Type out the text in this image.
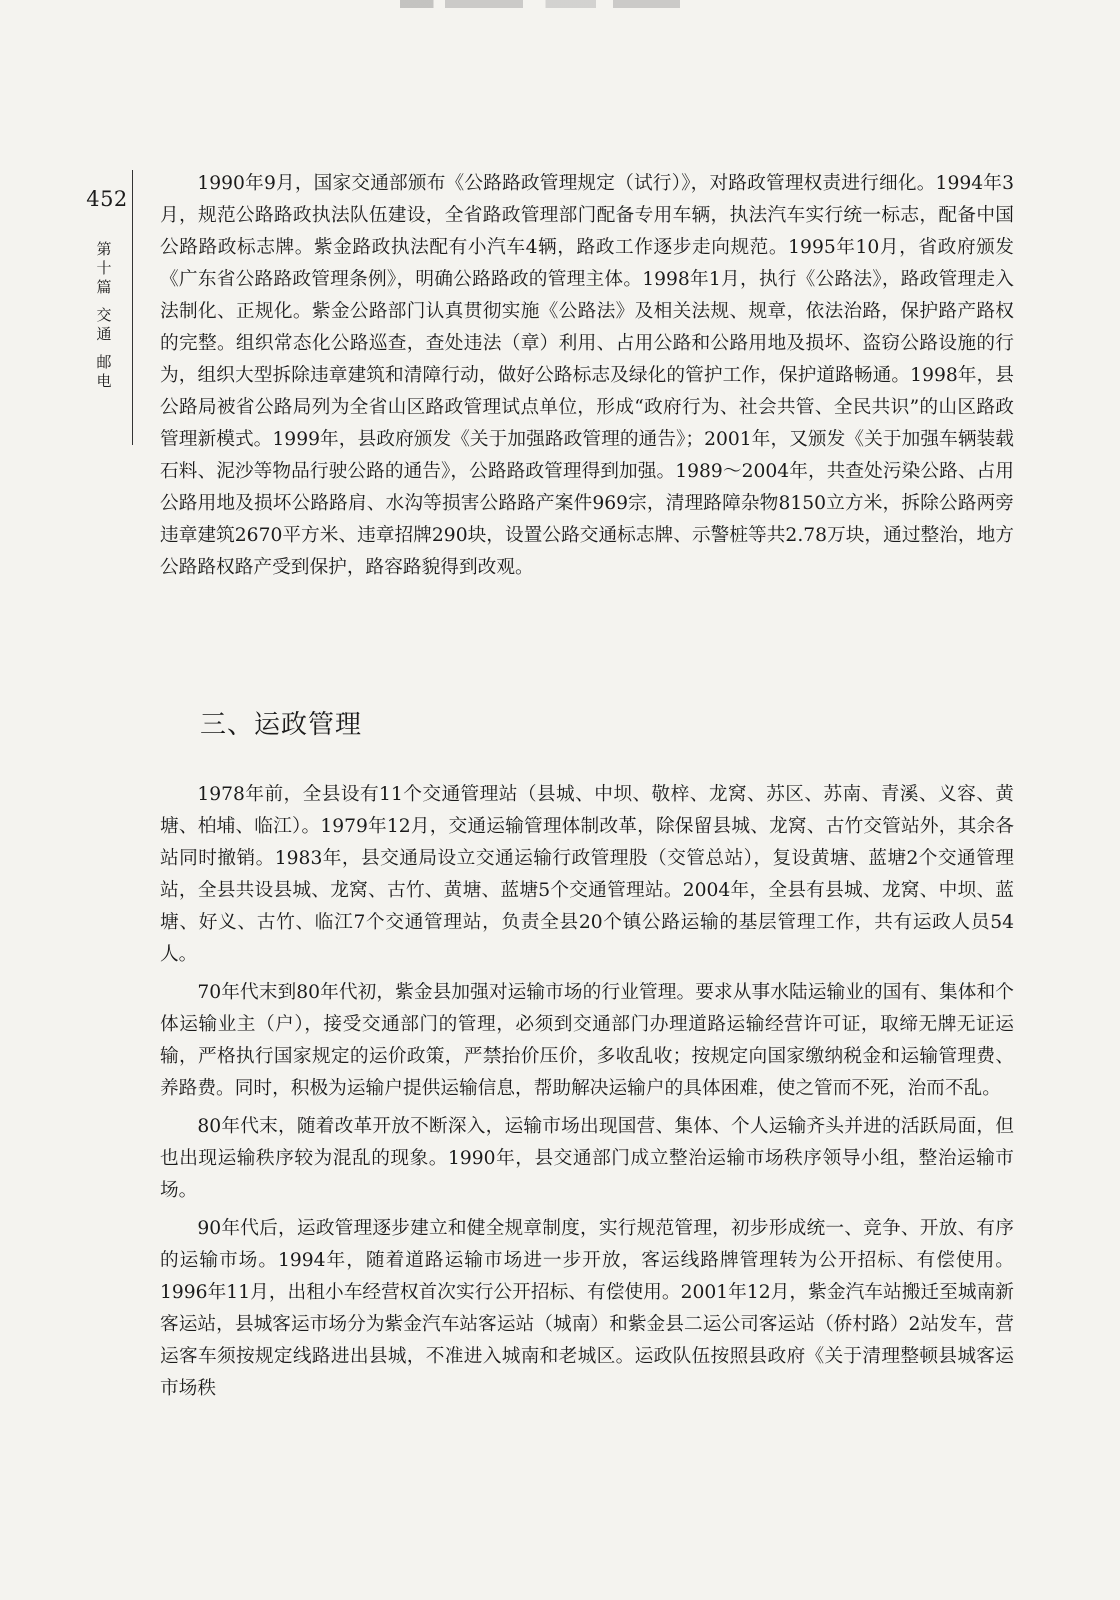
452
第
十
篇
交
通
邮
电

1990年9月，国家交通部颁布《公路路政管理规定（试行）》，对路政管理权责进行细化。1994年3月，规范公路路政执法队伍建设，全省路政管理部门配备专用车辆，执法汽车实行统一标志，配备中国公路路政标志牌。紫金路政执法配有小汽车4辆，路政工作逐步走向规范。1995年10月，省政府颁发《广东省公路路政管理条例》，明确公路路政的管理主体。1998年1月，执行《公路法》，路政管理走入法制化、正规化。紫金公路部门认真贯彻实施《公路法》及相关法规、规章，依法治路，保护路产路权的完整。组织常态化公路巡查，查处违法（章）利用、占用公路和公路用地及损坏、盗窃公路设施的行为，组织大型拆除违章建筑和清障行动，做好公路标志及绿化的管护工作，保护道路畅通。1998年，县公路局被省公路局列为全省山区路政管理试点单位，形成“政府行为、社会共管、全民共识”的山区路政管理新模式。1999年，县政府颁发《关于加强路政管理的通告》；2001年，又颁发《关于加强车辆装载石料、泥沙等物品行驶公路的通告》，公路路政管理得到加强。1989～2004年，共查处污染公路、占用公路用地及损坏公路路肩、水沟等损害公路路产案件969宗，清理路障杂物8150立方米，拆除公路两旁违章建筑2670平方米、违章招牌290块，设置公路交通标志牌、示警桩等共2.78万块，通过整治，地方公路路权路产受到保护，路容路貌得到改观。

三、运政管理

1978年前，全县设有11个交通管理站（县城、中坝、敬梓、龙窝、苏区、苏南、青溪、义容、黄塘、柏埔、临江）。1979年12月，交通运输管理体制改革，除保留县城、龙窝、古竹交管站外，其余各站同时撤销。1983年，县交通局设立交通运输行政管理股（交管总站），复设黄塘、蓝塘2个交通管理站，全县共设县城、龙窝、古竹、黄塘、蓝塘5个交通管理站。2004年，全县有县城、龙窝、中坝、蓝塘、好义、古竹、临江7个交通管理站，负责全县20个镇公路运输的基层管理工作，共有运政人员54人。

70年代末到80年代初，紫金县加强对运输市场的行业管理。要求从事水陆运输业的国有、集体和个体运输业主（户），接受交通部门的管理，必须到交通部门办理道路运输经营许可证，取缔无牌无证运输，严格执行国家规定的运价政策，严禁抬价压价，多收乱收；按规定向国家缴纳税金和运输管理费、养路费。同时，积极为运输户提供运输信息，帮助解决运输户的具体困难，使之管而不死，治而不乱。

80年代末，随着改革开放不断深入，运输市场出现国营、集体、个人运输齐头并进的活跃局面，但也出现运输秩序较为混乱的现象。1990年，县交通部门成立整治运输市场秩序领导小组，整治运输市场。

90年代后，运政管理逐步建立和健全规章制度，实行规范管理，初步形成统一、竞争、开放、有序的运输市场。1994年，随着道路运输市场进一步开放，客运线路牌管理转为公开招标、有偿使用。1996年11月，出租小车经营权首次实行公开招标、有偿使用。2001年12月，紫金汽车站搬迁至城南新客运站，县城客运市场分为紫金汽车站客运站（城南）和紫金县二运公司客运站（侨村路）2站发车，营运客车须按规定线路进出县城，不准进入城南和老城区。运政队伍按照县政府《关于清理整顿县城客运市场秩
